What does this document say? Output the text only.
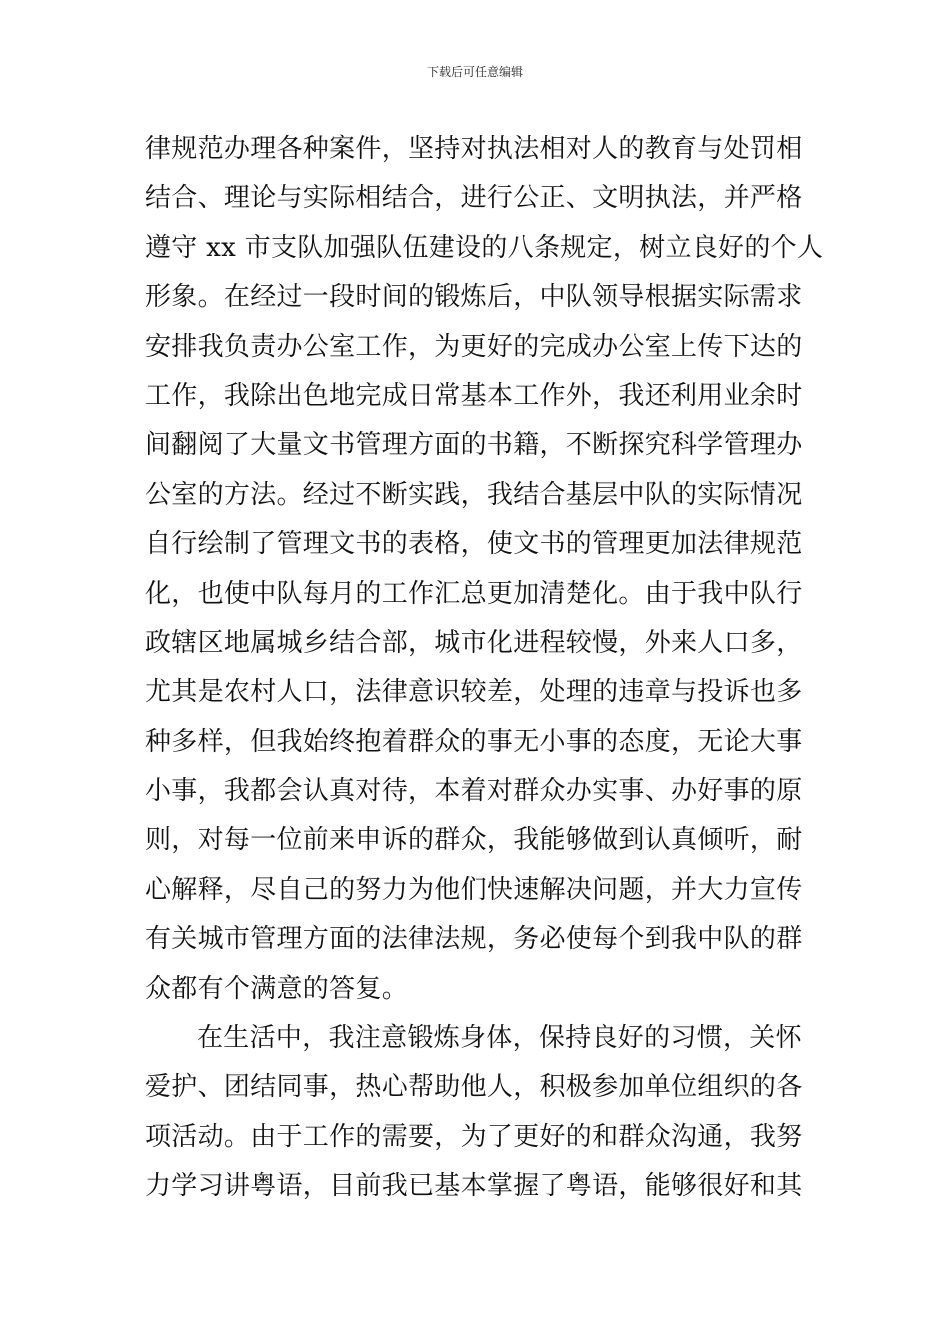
下载后可任意编辑
律规范办理各种案件，坚持对执法相对人的教育与处罚相
结合、理论与实际相结合，进行公正、文明执法，并严格
遵守 xx 市支队加强队伍建设的八条规定，树立良好的个人
形象。在经过一段时间的锻炼后，中队领导根据实际需求
安排我负责办公室工作，为更好的完成办公室上传下达的
工作，我除出色地完成日常基本工作外，我还利用业余时
间翻阅了大量文书管理方面的书籍，不断探究科学管理办
公室的方法。经过不断实践，我结合基层中队的实际情况
自行绘制了管理文书的表格，使文书的管理更加法律规范
化，也使中队每月的工作汇总更加清楚化。由于我中队行
政辖区地属城乡结合部，城市化进程较慢，外来人口多，
尤其是农村人口，法律意识较差，处理的违章与投诉也多
种多样，但我始终抱着群众的事无小事的态度，无论大事
小事，我都会认真对待，本着对群众办实事、办好事的原
则，对每一位前来申诉的群众，我能够做到认真倾听，耐
心解释，尽自己的努力为他们快速解决问题，并大力宣传
有关城市管理方面的法律法规，务必使每个到我中队的群
众都有个满意的答复。
在生活中，我注意锻炼身体，保持良好的习惯，关怀
爱护、团结同事，热心帮助他人，积极参加单位组织的各
项活动。由于工作的需要，为了更好的和群众沟通，我努
力学习讲粤语，目前我已基本掌握了粤语，能够很好和其
